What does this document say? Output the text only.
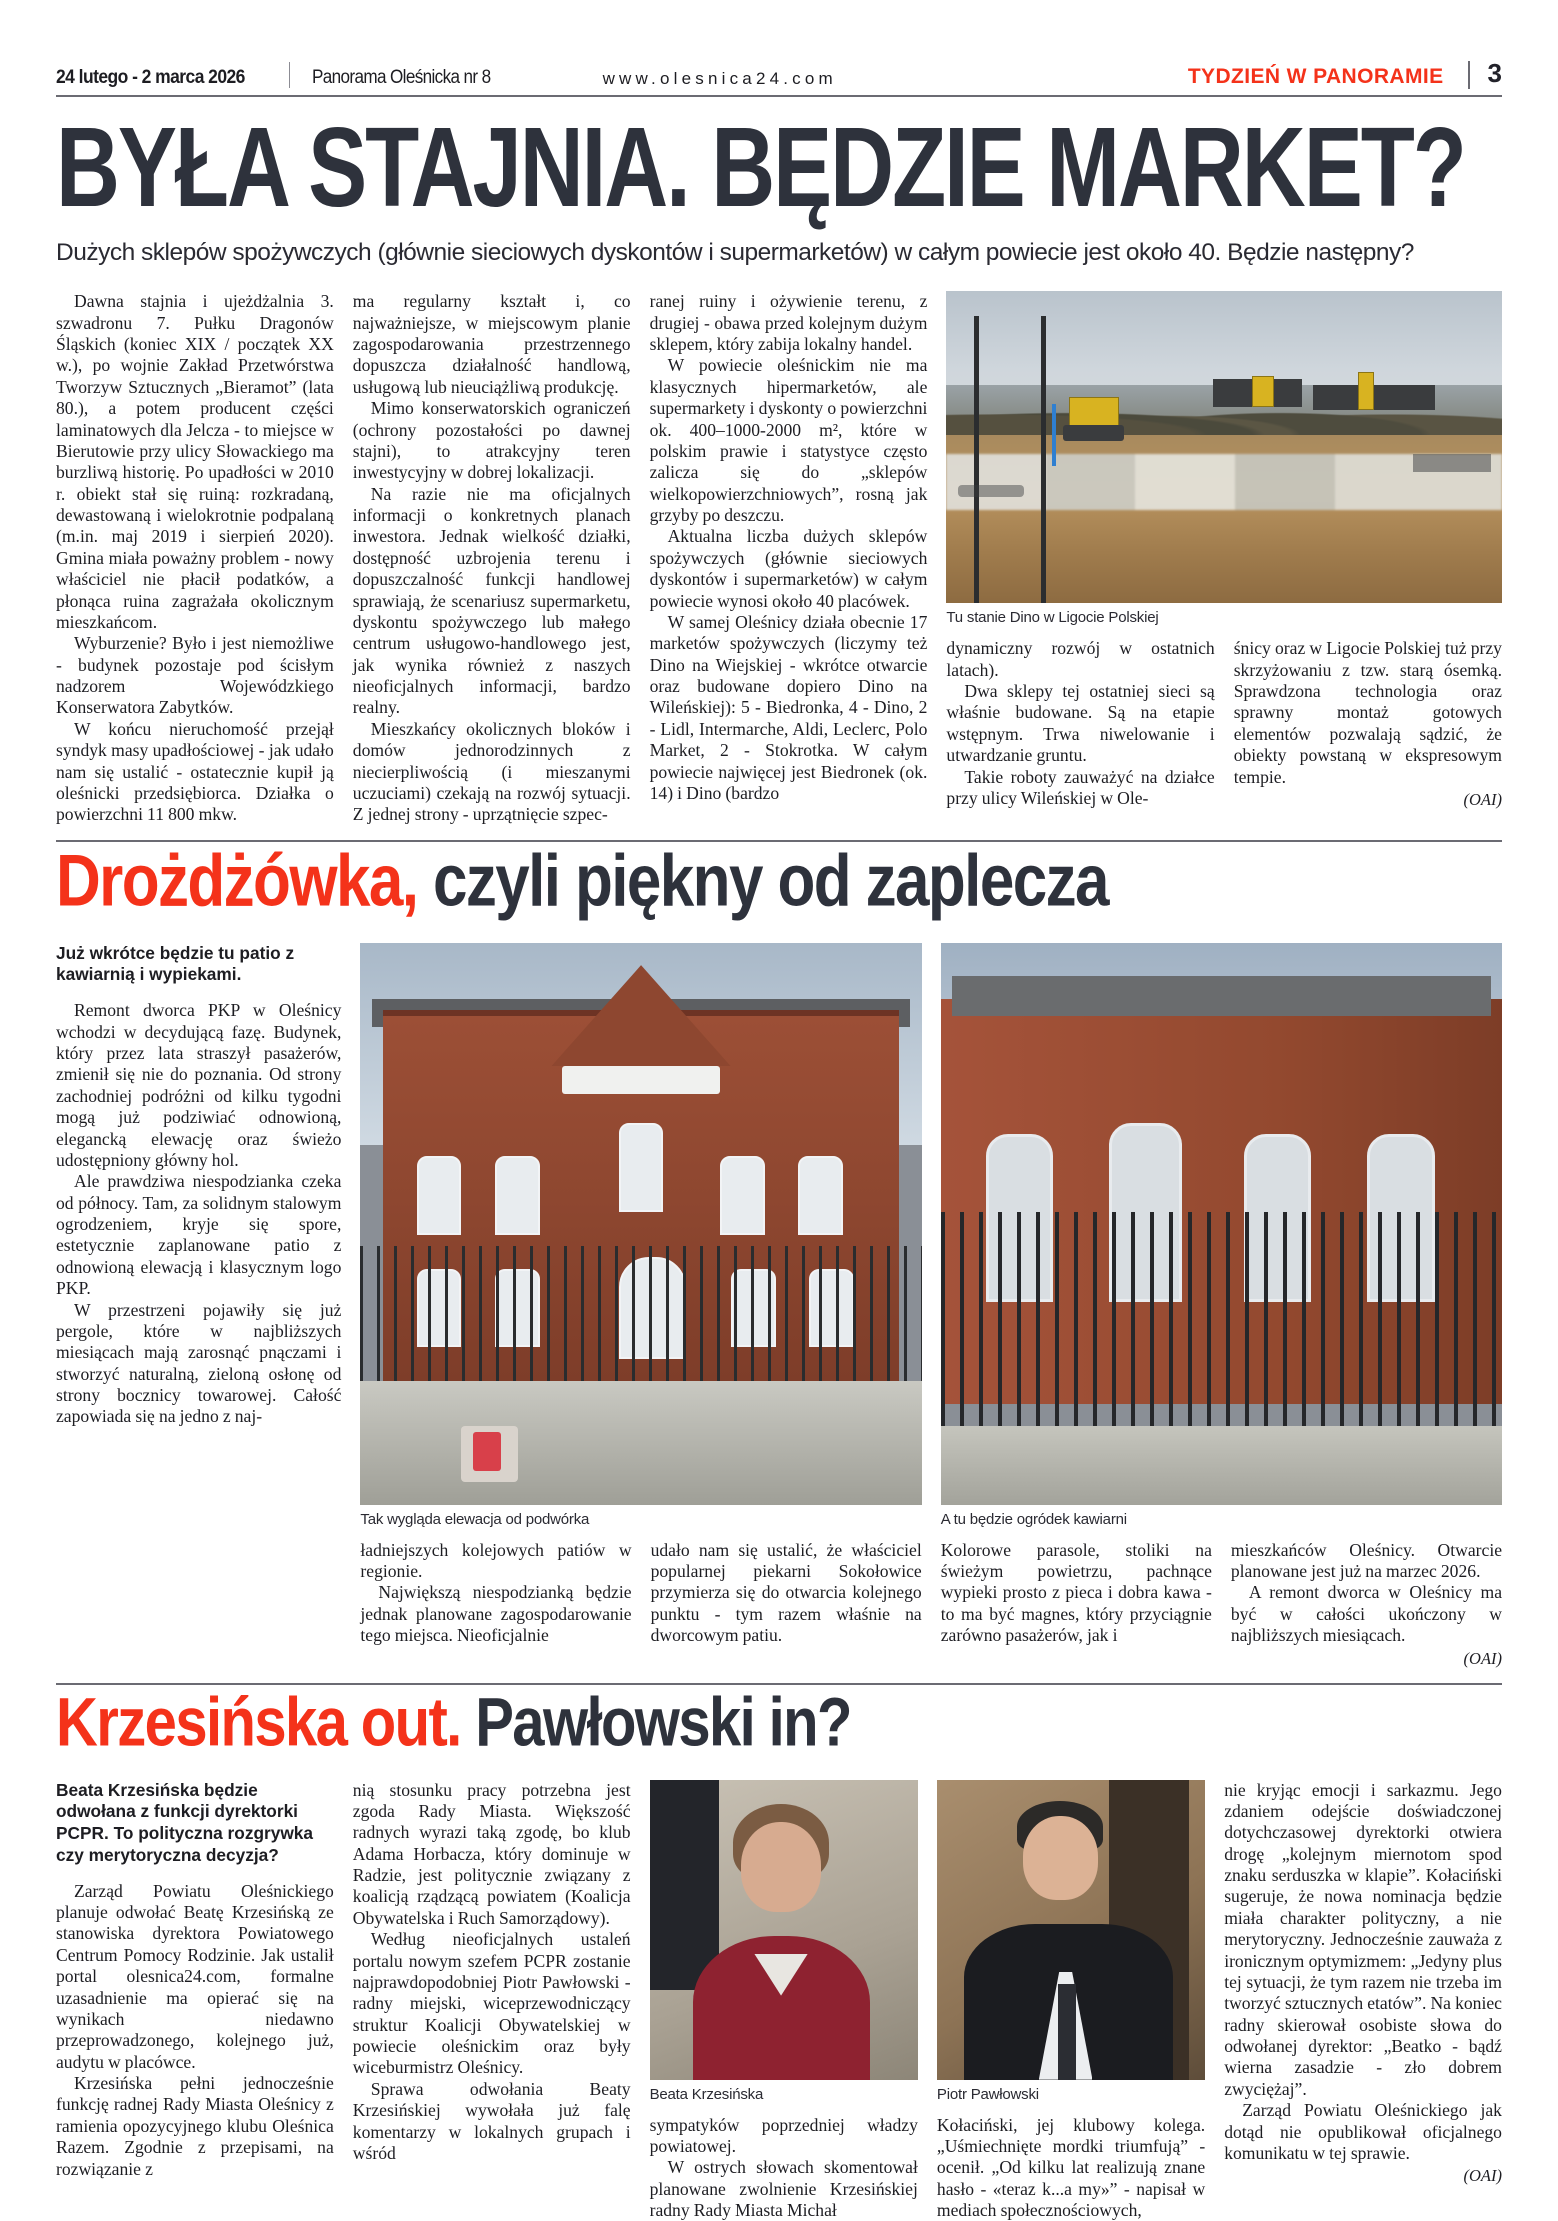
24 lutego - 2 marca 2026	Panorama Oleśnicka nr 8	www.olesnica24.com	TYDZIEŃ W PANORAMIE 3
BYŁA STAJNIA. BĘDZIE MARKET?
Dużych sklepów spożywczych (głównie sieciowych dyskontów i supermarketów) w całym powiecie jest około 40. Będzie następny?

Dawna stajnia i ujeżdżalnia 3. szwadronu 7. Pułku Dragonów Śląskich (koniec XIX / początek XX w.), po wojnie Zakład Przetwórstwa Tworzyw Sztucznych „Bieramot” (lata 80.), a potem producent części laminatowych dla Jelcza - to miejsce w Bierutowie przy ulicy Słowackiego ma burzliwą historię. Po upadłości w 2010 r. obiekt stał się ruiną: rozkradaną, dewastowaną i wielokrotnie podpalaną (m.in. maj 2019 i sierpień 2020). Gmina miała poważny problem - nowy właściciel nie płacił podatków, a płonąca ruina zagrażała okolicznym mieszkańcom.

Wyburzenie? Było i jest niemożliwe - budynek pozostaje pod ścisłym nadzorem Wojewódzkiego Konserwatora Zabytków.

W końcu nieruchomość przejął syndyk masy upadłościowej - jak udało nam się ustalić - ostatecznie kupił ją oleśnicki przedsiębiorca. Działka o powierzchni 11 800 mkw.

ma regularny kształt i, co najważniejsze, w miejscowym planie zagospodarowania przestrzennego dopuszcza działalność handlową, usługową lub nieuciążliwą produkcję.

Mimo konserwatorskich ograniczeń (ochrony pozostałości po dawnej stajni), to atrakcyjny teren inwestycyjny w dobrej lokalizacji.

Na razie nie ma oficjalnych informacji o konkretnych planach inwestora. Jednak wielkość działki, dostępność uzbrojenia terenu i dopuszczalność funkcji handlowej sprawiają, że scenariusz supermarketu, dyskontu spożywczego lub małego centrum usługowo-handlowego jest, jak wynika również z naszych nieoficjalnych informacji, bardzo realny.

Mieszkańcy okolicznych bloków i domów jednorodzinnych z niecierpliwością (i mieszanymi uczuciami) czekają na rozwój sytuacji. Z jednej strony - uprzątnięcie szpec-

ranej ruiny i ożywienie terenu, z drugiej - obawa przed kolejnym dużym sklepem, który zabija lokalny handel.

W powiecie oleśnickim nie ma klasycznych hipermarketów, ale supermarkety i dyskonty o powierzchni ok. 400–1000-2000 m², które w polskim prawie i statystyce często zalicza się do „sklepów wielkopowierzchniowych”, rosną jak grzyby po deszczu.

Aktualna liczba dużych sklepów spożywczych (głównie sieciowych dyskontów i supermarketów) w całym powiecie wynosi około 40 placówek.

W samej Oleśnicy działa obecnie 17 marketów spożywczych (liczymy też Dino na Wiejskiej - wkrótce otwarcie oraz budowane dopiero Dino na Wileńskiej): 5 - Biedronka, 4 - Dino, 2 - Lidl, Intermarche, Aldi, Leclerc, Polo Market, 2 - Stokrotka. W całym powiecie najwięcej jest Biedronek (ok. 14) i Dino (bardzo

Tu stanie Dino w Ligocie Polskiej

dynamiczny rozwój w ostatnich latach).

Dwa sklepy tej ostatniej sieci są właśnie budowane. Są na etapie wstępnym. Trwa niwelowanie i utwardzanie gruntu.

Takie roboty zauważyć na działce przy ulicy Wileńskiej w Ole-

śnicy oraz w Ligocie Polskiej tuż przy skrzyżowaniu z tzw. starą ósemką. Sprawdzona technologia oraz sprawny montaż gotowych elementów pozwalają sądzić, że obiekty powstaną w ekspresowym tempie.

(OAI)
Drożdżówka, czyli piękny od zaplecza
Już wkrótce będzie tu patio z kawiarnią i wypiekami.

Remont dworca PKP w Oleśnicy wchodzi w decydującą fazę. Budynek, który przez lata straszył pasażerów, zmienił się nie do poznania. Od strony zachodniej podróżni od kilku tygodni mogą już podziwiać odnowioną, elegancką elewację oraz świeżo udostępniony główny hol.

Ale prawdziwa niespodzianka czeka od północy. Tam, za solidnym stalowym ogrodzeniem, kryje się spore, estetycznie zaplanowane patio z odnowioną elewacją i klasycznym logo PKP.

W przestrzeni pojawiły się już pergole, które w najbliższych miesiącach mają zarosnąć pnączami i stworzyć naturalną, zieloną osłonę od strony bocznicy towarowej. Całość zapowiada się na jedno z naj-

Tak wygląda elewacja od podwórka	A tu będzie ogródek kawiarni

ładniejszych kolejowych patiów w regionie.

Największą niespodzianką będzie jednak planowane zagospodarowanie tego miejsca. Nieoficjalnie

udało nam się ustalić, że właściciel popularnej piekarni Sokołowice przymierza się do otwarcia kolejnego punktu - tym razem właśnie na dworcowym patiu.

Kolorowe parasole, stoliki na świeżym powietrzu, pachnące wypieki prosto z pieca i dobra kawa - to ma być magnes, który przyciągnie zarówno pasażerów, jak i

mieszkańców Oleśnicy. Otwarcie planowane jest już na marzec 2026.

A remont dworca w Oleśnicy ma być w całości ukończony w najbliższych miesiącach.

(OAI)
Krzesińska out. Pawłowski in?
Beata Krzesińska będzie odwołana z funkcji dyrektorki PCPR. To polityczna rozgrywka czy merytoryczna decyzja?

Zarząd Powiatu Oleśnickiego planuje odwołać Beatę Krzesińską ze stanowiska dyrektora Powiatowego Centrum Pomocy Rodzinie. Jak ustalił portal olesnica24.com, formalne uzasadnienie ma opierać się na wynikach niedawno przeprowadzonego, kolejnego już, audytu w placówce.

Krzesińska pełni jednocześnie funkcję radnej Rady Miasta Oleśnicy z ramienia opozycyjnego klubu Oleśnica Razem. Zgodnie z przepisami, na rozwiązanie z

nią stosunku pracy potrzebna jest zgoda Rady Miasta. Większość radnych wyrazi taką zgodę, bo klub Adama Horbacza, który dominuje w Radzie, jest politycznie związany z koalicją rządzącą powiatem (Koalicja Obywatelska i Ruch Samorządowy).

Według nieoficjalnych ustaleń portalu nowym szefem PCPR zostanie najprawdopodobniej Piotr Pawłowski - radny miejski, wiceprzewodniczący struktur Koalicji Obywatelskiej w powiecie oleśnickim oraz były wiceburmistrz Oleśnicy.

Sprawa odwołania Beaty Krzesińskiej wywołała już falę komentarzy w lokalnych grupach i wśród

Beata Krzesińska	Piotr Pawłowski

sympatyków poprzedniej władzy powiatowej.

W ostrych słowach skomentował planowane zwolnienie Krzesińskiej radny Rady Miasta Michał

Kołaciński, jej klubowy kolega. „Uśmiechnięte mordki triumfują” - ocenił. „Od kilku lat realizują znane hasło - «teraz k...a my»” - napisał w mediach społecznościowych,

nie kryjąc emocji i sarkazmu. Jego zdaniem odejście doświadczonej dotychczasowej dyrektorki otwiera drogę „kolejnym miernotom spod znaku serduszka w klapie”. Kołaciński sugeruje, że nowa nominacja będzie miała charakter polityczny, a nie merytoryczny. Jednocześnie zauważa z ironicznym optymizmem: „Jedyny plus tej sytuacji, że tym razem nie trzeba im tworzyć sztucznych etatów”. Na koniec radny skierował osobiste słowa do odwołanej dyrektor: „Beatko - bądź wierna zasadzie - zło dobrem zwyciężaj”.

Zarząd Powiatu Oleśnickiego jak dotąd nie opublikował oficjalnego komunikatu w tej sprawie.

(OAI)
